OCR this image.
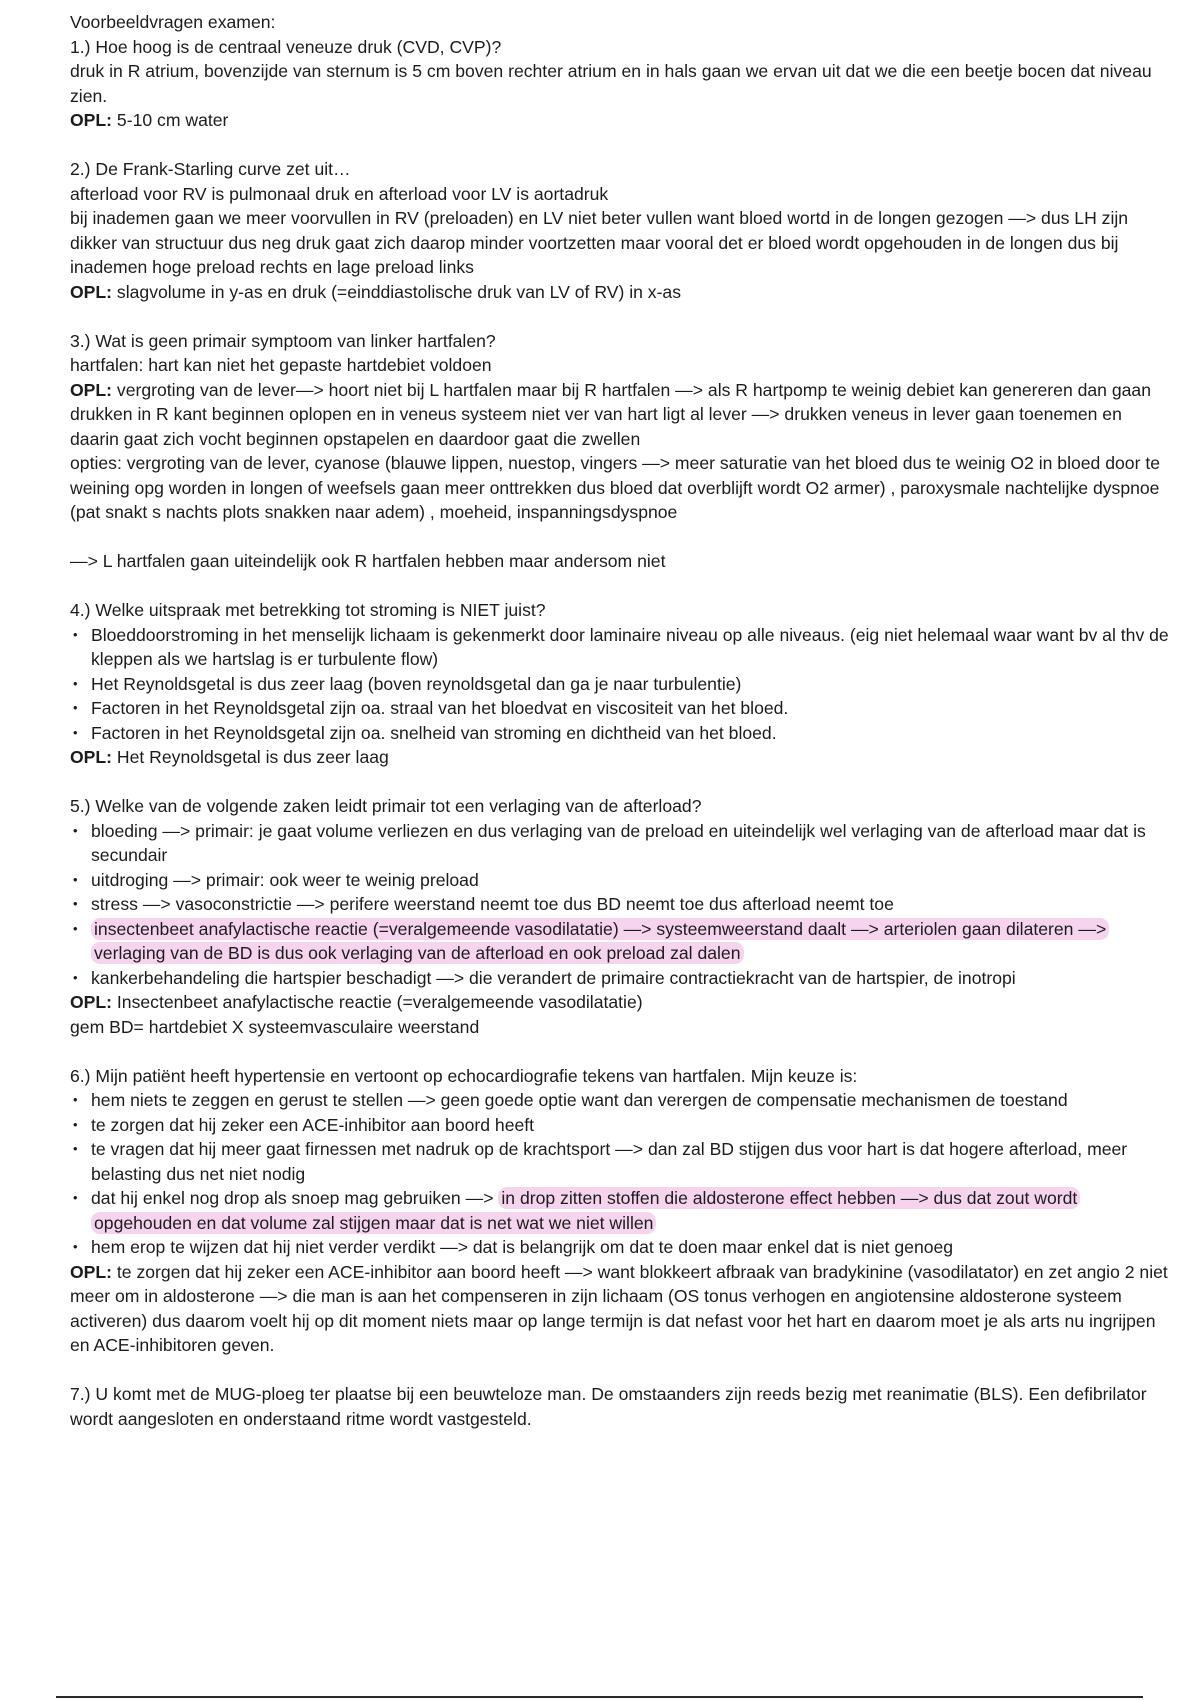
Voorbeeldvragen examen:

1.) Hoe hoog is de centraal veneuze druk (CVD, CVP)?

druk in R atrium, bovenzijde van sternum is 5 cm boven rechter atrium en in hals gaan we ervan uit dat we die een beetje bocen dat niveau zien.

OPL: 5-10 cm water

2.) De Frank-Starling curve zet uit…

afterload voor RV is pulmonaal druk en afterload voor LV is aortadruk

bij inademen gaan we meer voorvullen in RV (preloaden) en LV niet beter vullen want bloed wortd in de longen gezogen —> dus LH zijn dikker van structuur dus neg druk gaat zich daarop minder voortzetten maar vooral det er bloed wordt opgehouden in de longen dus bij inademen hoge preload rechts en lage preload links

OPL: slagvolume in y-as en druk (=einddiastolische druk van LV of RV) in x-as

3.) Wat is geen primair symptoom van linker hartfalen?

hartfalen: hart kan niet het gepaste hartdebiet voldoen

OPL: vergroting van de lever—> hoort niet bij L hartfalen maar bij R hartfalen —> als R hartpomp te weinig debiet kan genereren dan gaan drukken in R kant beginnen oplopen en in veneus systeem niet ver van hart ligt al lever —> drukken veneus in lever gaan toenemen en daarin gaat zich vocht beginnen opstapelen en daardoor gaat die zwellen

opties: vergroting van de lever, cyanose (blauwe lippen, nuestop, vingers —> meer saturatie van het bloed dus te weinig O2 in bloed door te weining opg worden in longen of weefsels gaan meer onttrekken dus bloed dat overblijft wordt O2 armer) , paroxysmale nachtelijke dyspnoe (pat snakt s nachts plots snakken naar adem) , moeheid, inspanningsdyspnoe

—> L hartfalen gaan uiteindelijk ook R hartfalen hebben maar andersom niet

4.) Welke uitspraak met betrekking tot stroming is NIET juist?

• Bloeddoorstroming in het menselijk lichaam is gekenmerkt door laminaire niveau op alle niveaus. (eig niet helemaal waar want bv al thv de kleppen als we hartslag is er turbulente flow)
• Het Reynoldsgetal is dus zeer laag (boven reynoldsgetal dan ga je naar turbulentie)
• Factoren in het Reynoldsgetal zijn oa. straal van het bloedvat en viscositeit van het bloed.
• Factoren in het Reynoldsgetal zijn oa. snelheid van stroming en dichtheid van het bloed.

OPL: Het Reynoldsgetal is dus zeer laag

5.) Welke van de volgende zaken leidt primair tot een verlaging van de afterload?

• bloeding —> primair: je gaat volume verliezen en dus verlaging van de preload en uiteindelijk wel verlaging van de afterload maar dat is secundair
• uitdroging —> primair: ook weer te weinig preload
• stress —> vasoconstrictie —> perifere weerstand neemt toe dus BD neemt toe dus afterload neemt toe
• insectenbeet anafylactische reactie (=veralgemeende vasodilatatie) —> systeemweerstand daalt —> arteriolen gaan dilateren —> verlaging van de BD is dus ook verlaging van de afterload en ook preload zal dalen
• kankerbehandeling die hartspier beschadigt —> die verandert de primaire contractiekracht van de hartspier, de inotropi

OPL: Insectenbeet anafylactische reactie (=veralgemeende vasodilatatie)

gem BD= hartdebiet X systeemvasculaire weerstand

6.) Mijn patiënt heeft hypertensie en vertoont op echocardiografie tekens van hartfalen. Mijn keuze is:

• hem niets te zeggen en gerust te stellen —> geen goede optie want dan verergen de compensatie mechanismen de toestand
• te zorgen dat hij zeker een ACE-inhibitor aan boord heeft
• te vragen dat hij meer gaat firnessen met nadruk op de krachtsport —> dan zal BD stijgen dus voor hart is dat hogere afterload, meer belasting dus net niet nodig
• dat hij enkel nog drop als snoep mag gebruiken —> in drop zitten stoffen die aldosterone effect hebben —> dus dat zout wordt opgehouden en dat volume zal stijgen maar dat is net wat we niet willen
• hem erop te wijzen dat hij niet verder verdikt —> dat is belangrijk om dat te doen maar enkel dat is niet genoeg

OPL: te zorgen dat hij zeker een ACE-inhibitor aan boord heeft —> want blokkeert afbraak van bradykinine (vasodilatator) en zet angio 2 niet meer om in aldosterone —> die man is aan het compenseren in zijn lichaam (OS tonus verhogen en angiotensine aldosterone systeem activeren) dus daarom voelt hij op dit moment niets maar op lange termijn is dat nefast voor het hart en daarom moet je als arts nu ingrijpen en ACE-inhibitoren geven.

7.) U komt met de MUG-ploeg ter plaatse bij een beuwteloze man. De omstaanders zijn reeds bezig met reanimatie (BLS). Een defibrilator wordt aangesloten en onderstaand ritme wordt vastgesteld.
